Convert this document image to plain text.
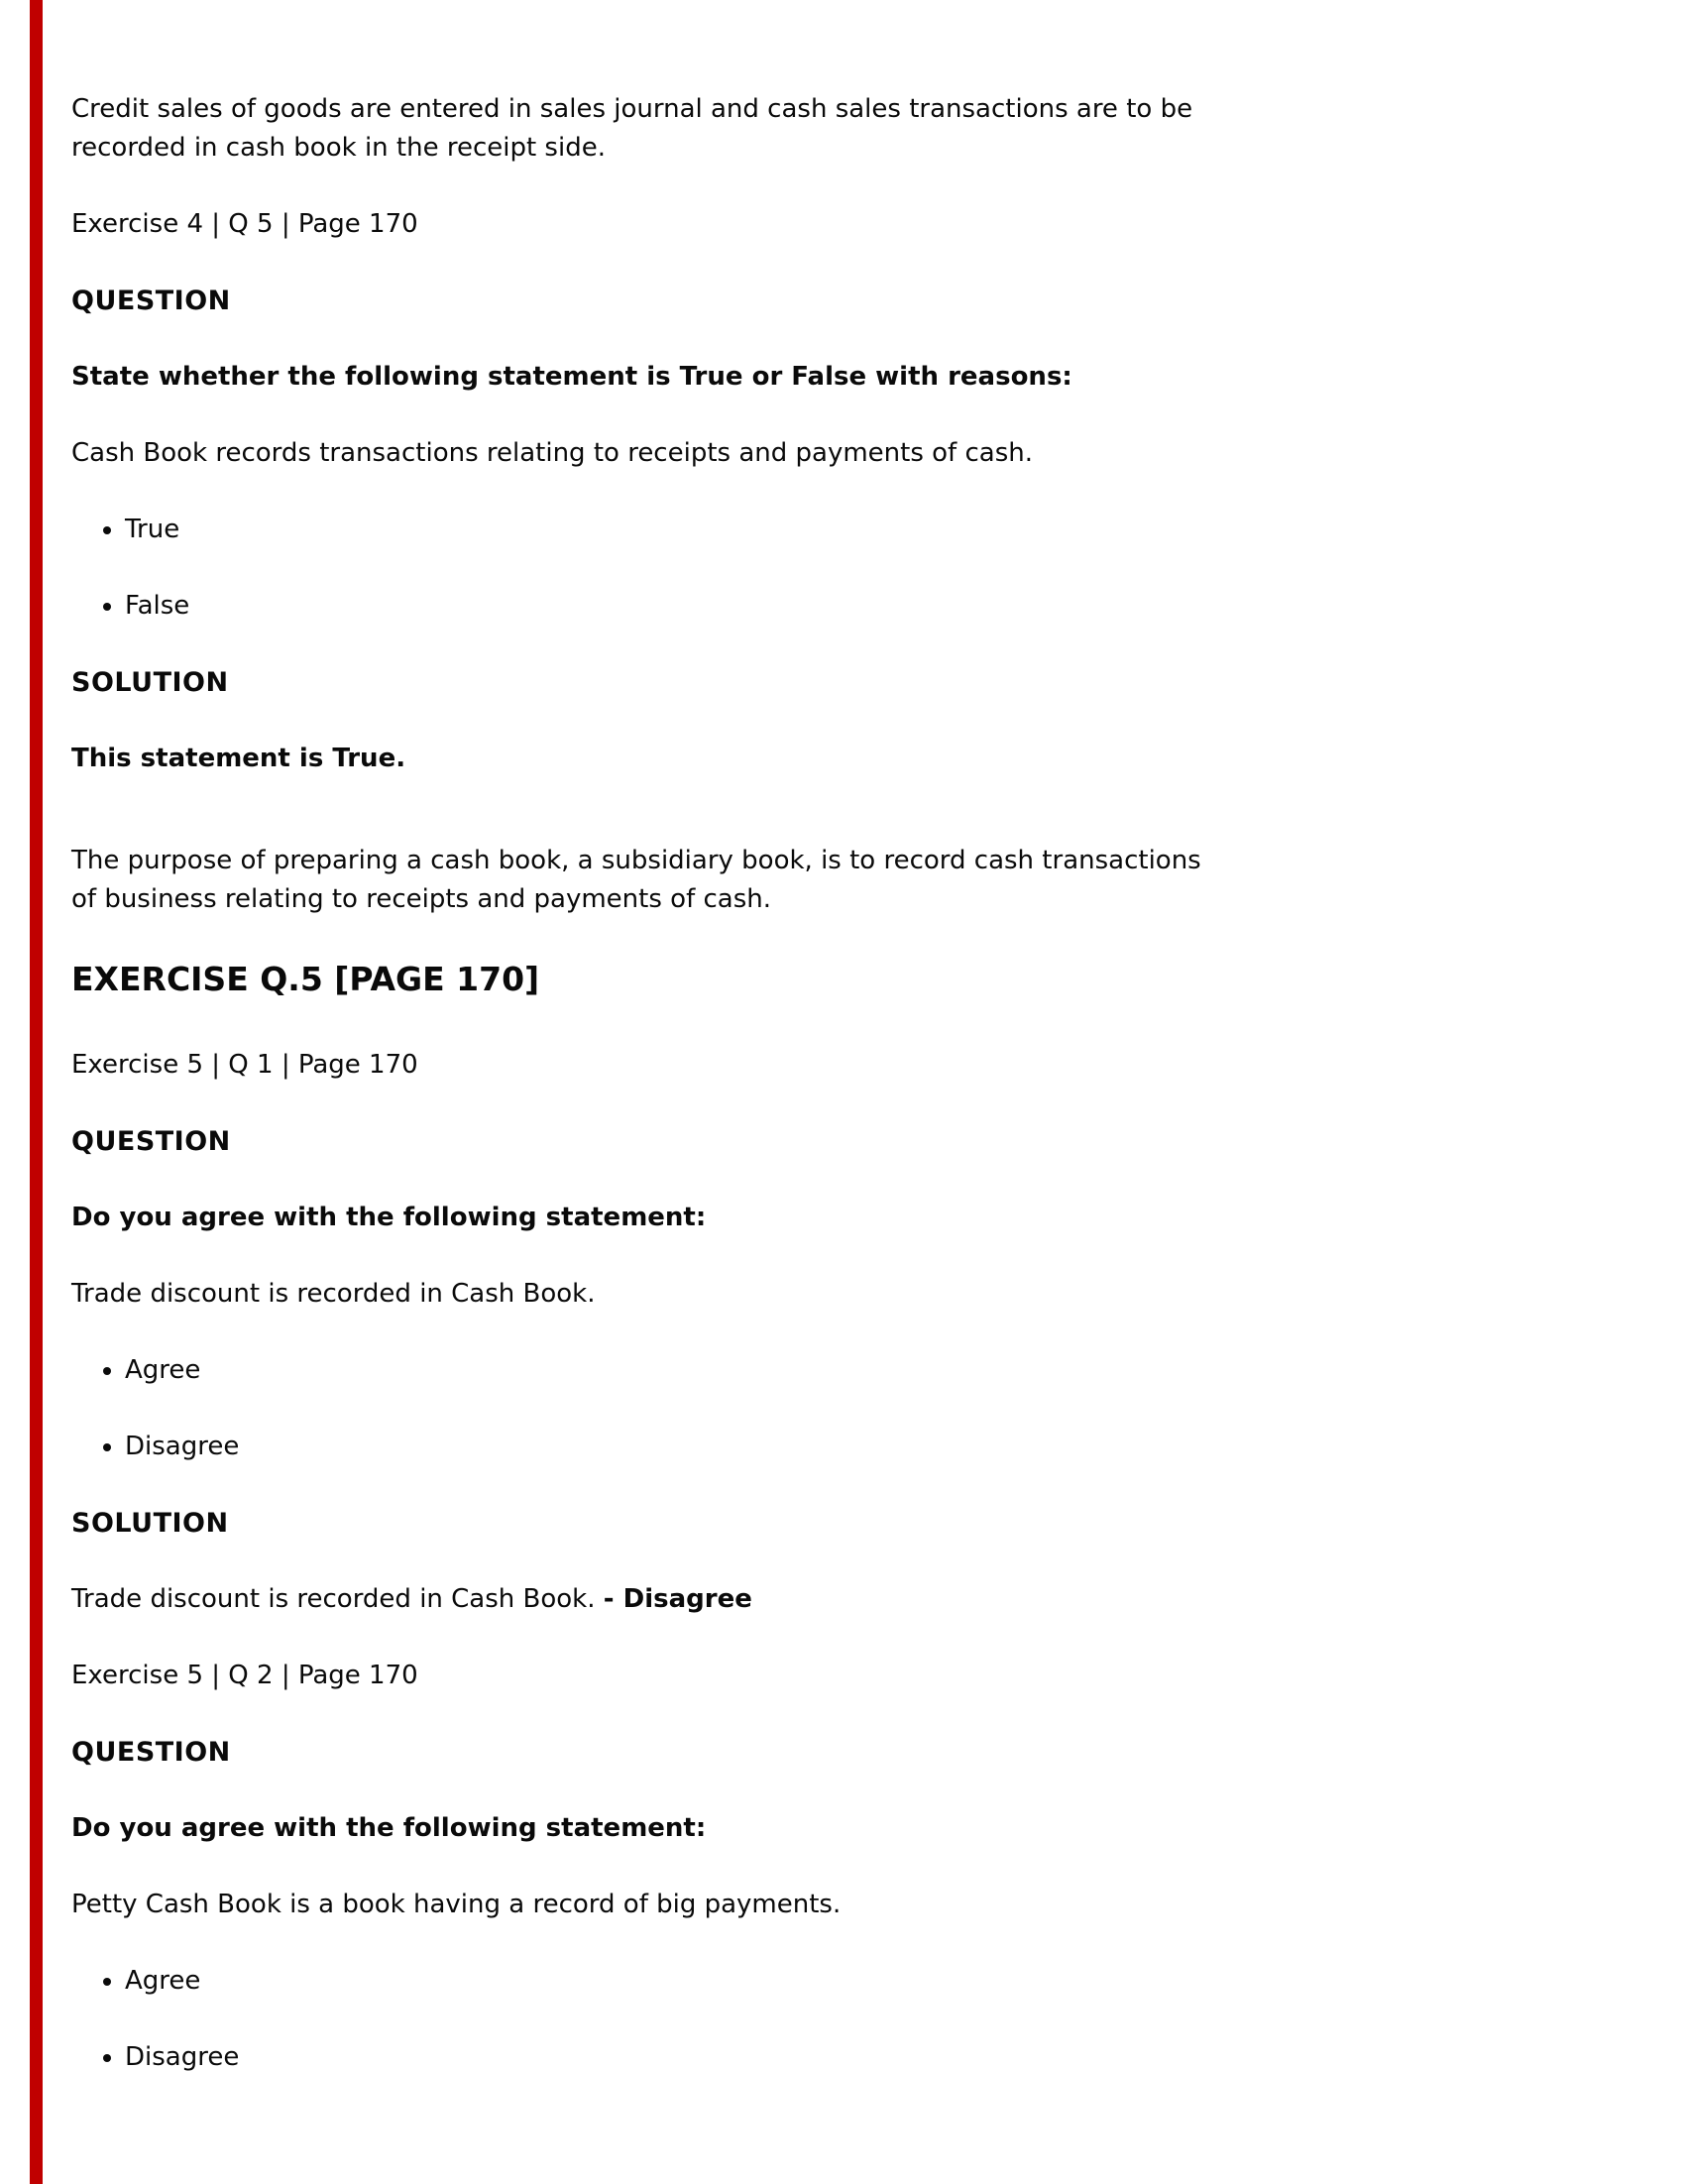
Credit sales of goods are entered in sales journal and cash sales transactions are to be
recorded in cash book in the receipt side.

Exercise 4 | Q 5 | Page 170

QUESTION

State whether the following statement is True or False with reasons:

Cash Book records transactions relating to receipts and payments of cash.

• True
• False
SOLUTION

This statement is True.

The purpose of preparing a cash book, a subsidiary book, is to record cash transactions
of business relating to receipts and payments of cash.

EXERCISE Q.5 [PAGE 170]

Exercise 5 | Q 1 | Page 170

QUESTION

Do you agree with the following statement:

Trade discount is recorded in Cash Book.

• Agree
• Disagree
SOLUTION

Trade discount is recorded in Cash Book. - Disagree

Exercise 5 | Q 2 | Page 170

QUESTION

Do you agree with the following statement:

Petty Cash Book is a book having a record of big payments.

• Agree
• Disagree
